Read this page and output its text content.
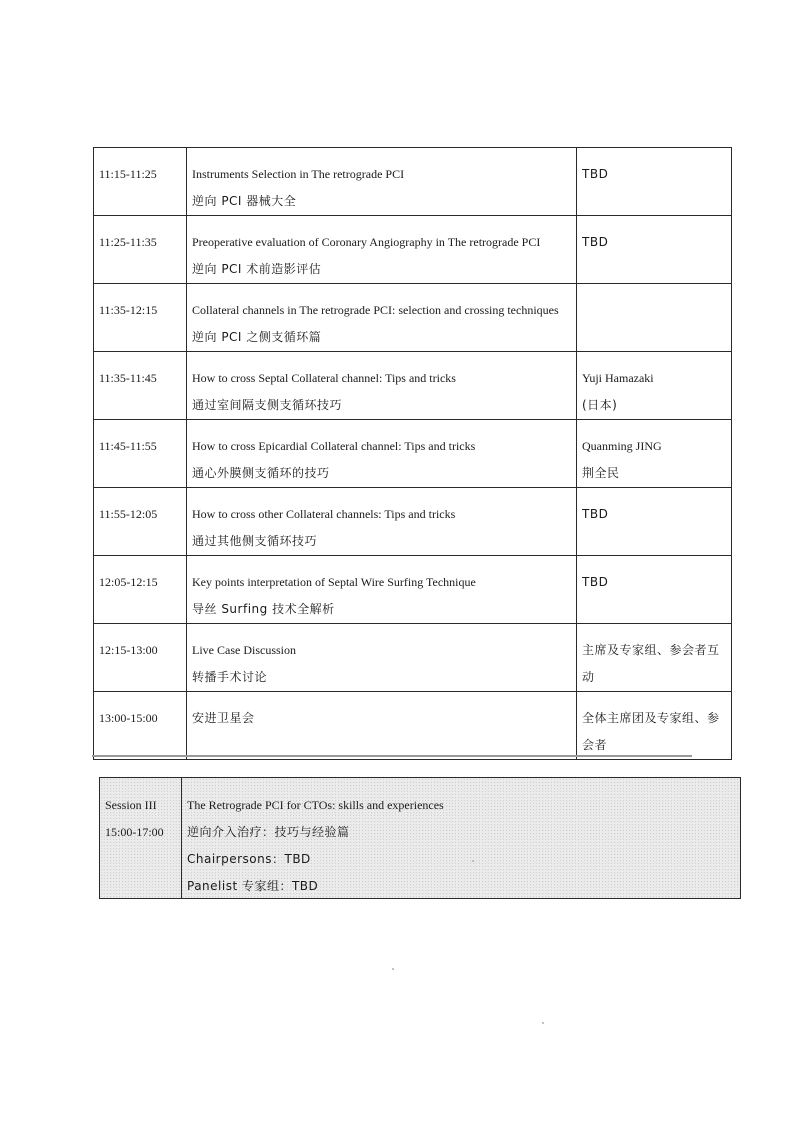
11:15-11:25	Instruments Selection in The retrograde PCI
逆向 PCI 器械大全	TBD

11:25-11:35	Preoperative evaluation of Coronary Angiography in The retrograde PCI
逆向 PCI 术前造影评估	TBD

11:35-12:15	Collateral channels in The retrograde PCI: selection and crossing techniques
逆向 PCI 之侧支循环篇	

11:35-11:45	How to cross Septal Collateral channel: Tips and tricks
通过室间隔支侧支循环技巧	Yuji Hamazaki
(日本)

11:45-11:55	How to cross Epicardial Collateral channel: Tips and tricks
通心外膜侧支循环的技巧	Quanming JING
荆全民

11:55-12:05	How to cross other Collateral channels: Tips and tricks
通过其他侧支循环技巧	TBD

12:05-12:15	Key points interpretation of Septal Wire Surfing Technique
导丝 Surfing 技术全解析	TBD

12:15-13:00	Live Case Discussion
转播手术讨论	主席及专家组、参会者互
动

13:00-15:00	安进卫星会	全体主席团及专家组、参
会者
Session III
15:00-17:00
The Retrograde PCI for CTOs: skills and experiences
逆向介入治疗：技巧与经验篇
Chairpersons：TBD
Panelist 专家组：TBD
